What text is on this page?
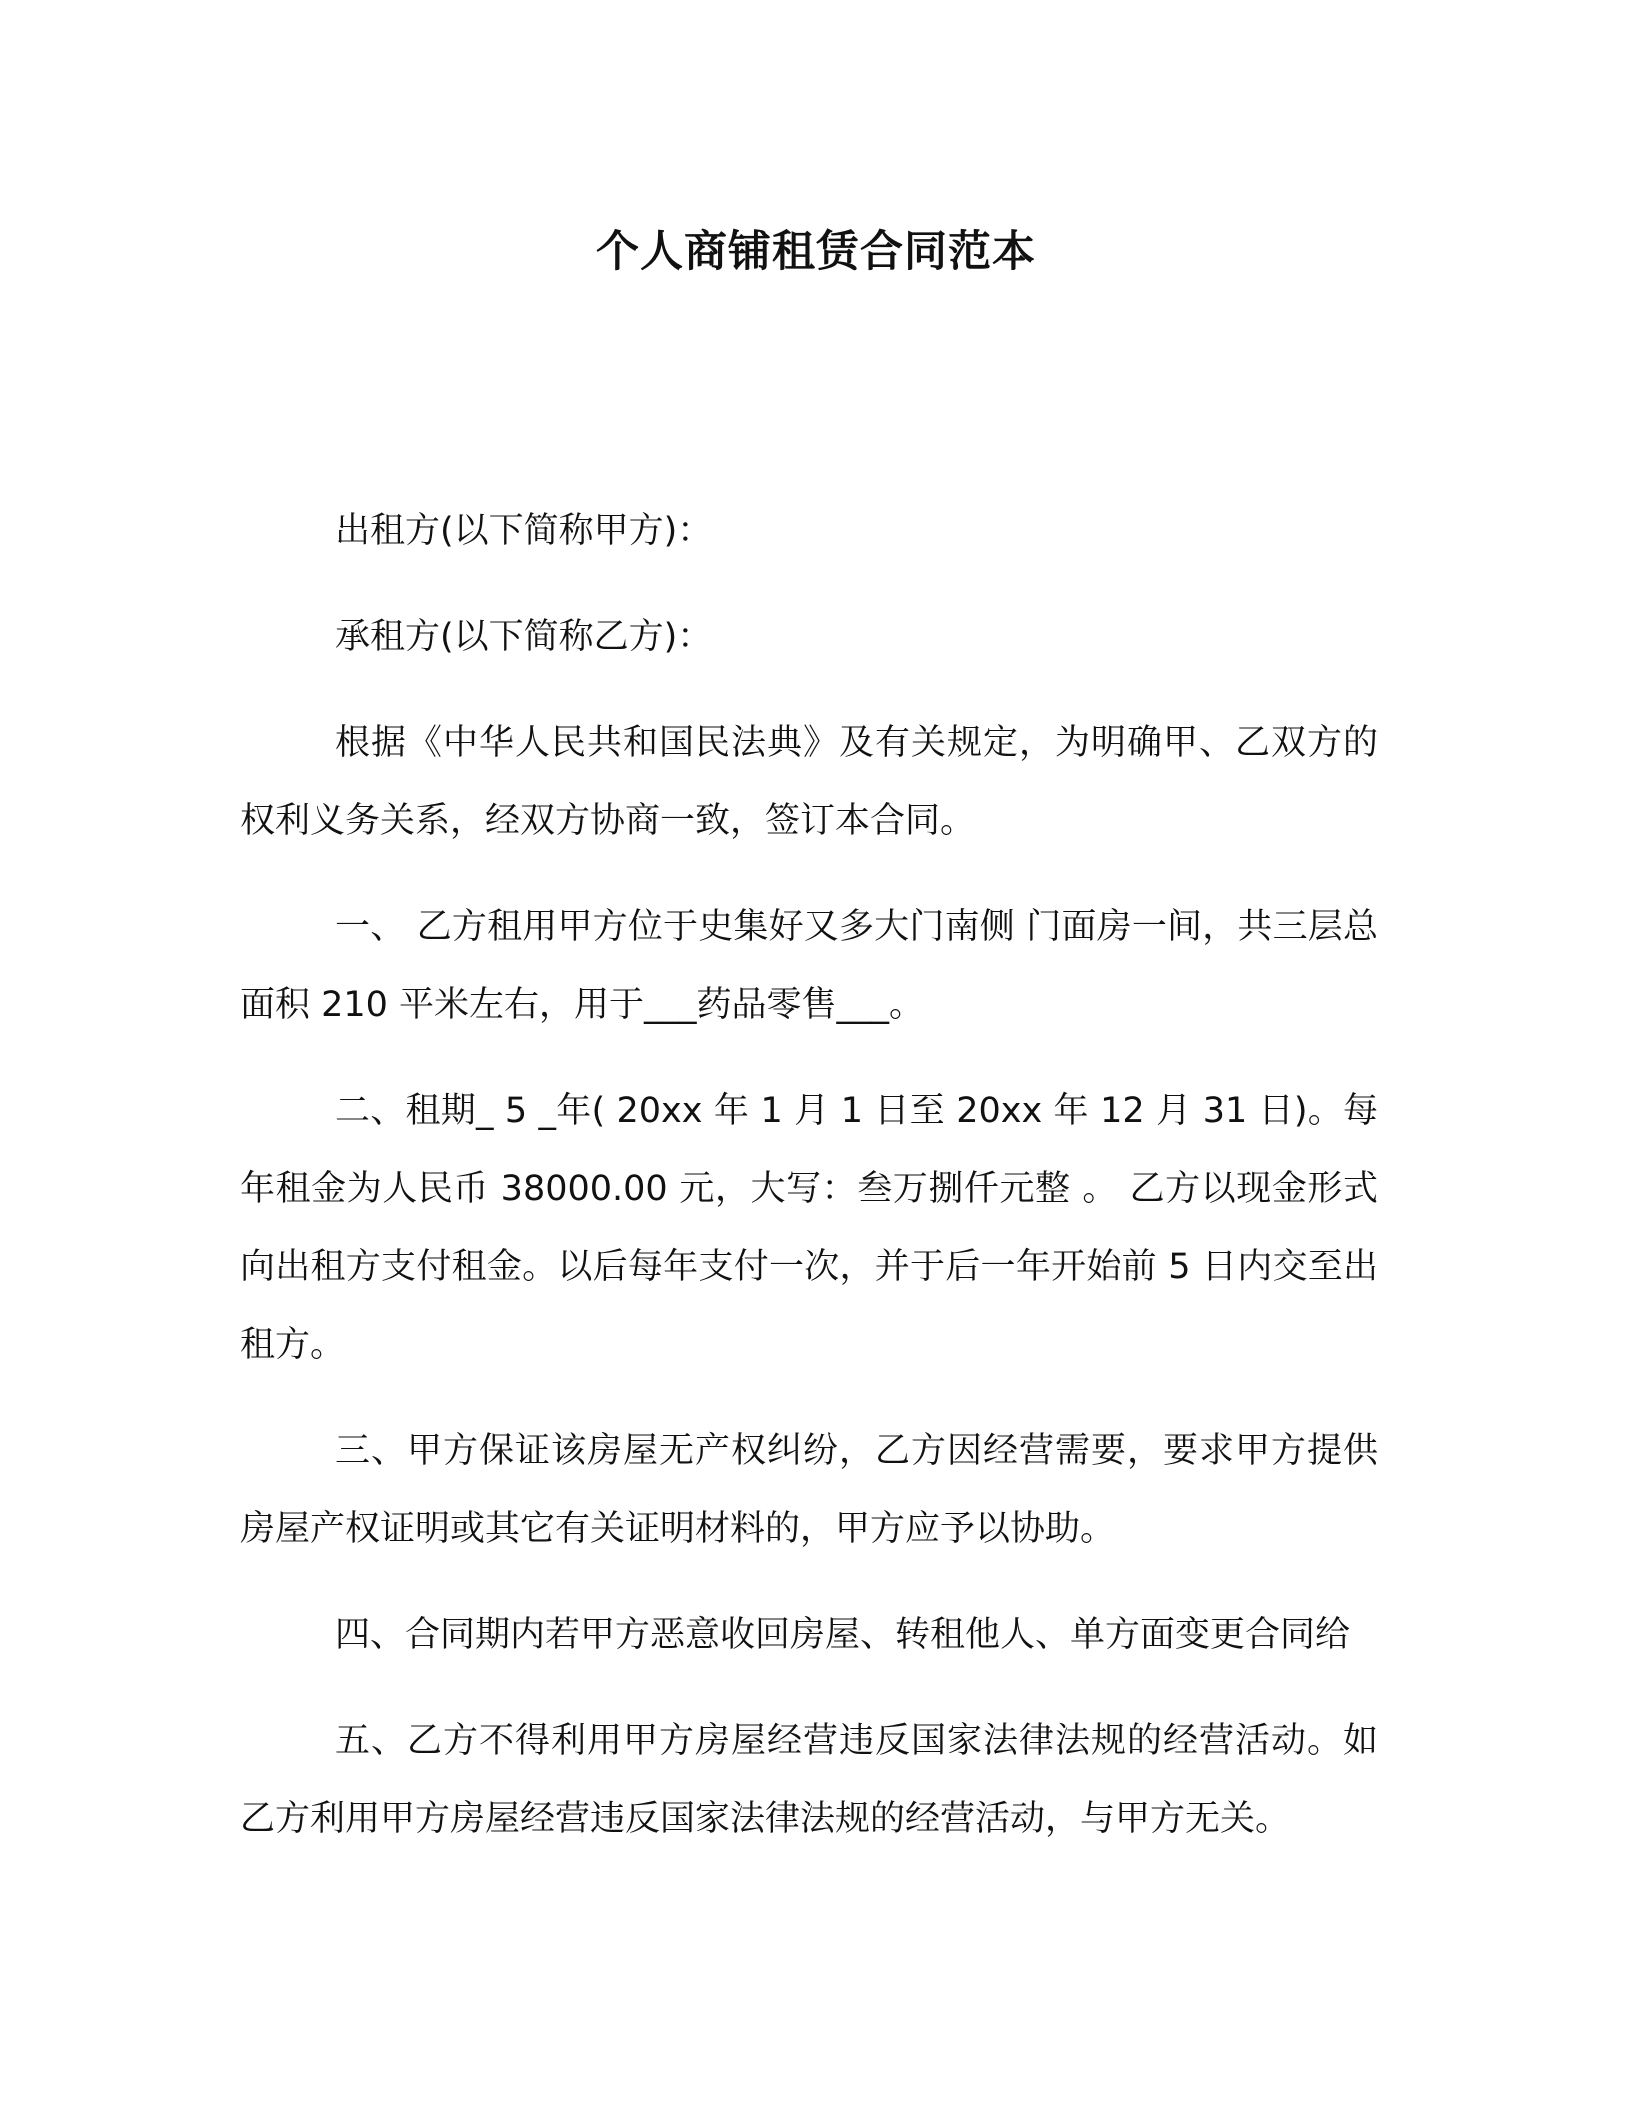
个人商铺租赁合同范本

出租方(以下简称甲方)：

承租方(以下简称乙方)：

根据《中华人民共和国民法典》及有关规定，为明确甲、乙双方的权利义务关系，经双方协商一致，签订本合同。

一、 乙方租用甲方位于史集好又多大门南侧 门面房一间，共三层总面积 210 平米左右，用于___药品零售___。

二、租期_ 5 _年( 20xx 年 1 月 1 日至 20xx 年 12 月 31 日)。每年租金为人民币 38000.00 元，大写：叁万捌仟元整 。 乙方以现金形式向出租方支付租金。以后每年支付一次，并于后一年开始前 5 日内交至出租方。

三、甲方保证该房屋无产权纠纷，乙方因经营需要，要求甲方提供房屋产权证明或其它有关证明材料的，甲方应予以协助。

四、合同期内若甲方恶意收回房屋、转租他人、单方面变更合同给

五、乙方不得利用甲方房屋经营违反国家法律法规的经营活动。如乙方利用甲方房屋经营违反国家法律法规的经营活动，与甲方无关。
